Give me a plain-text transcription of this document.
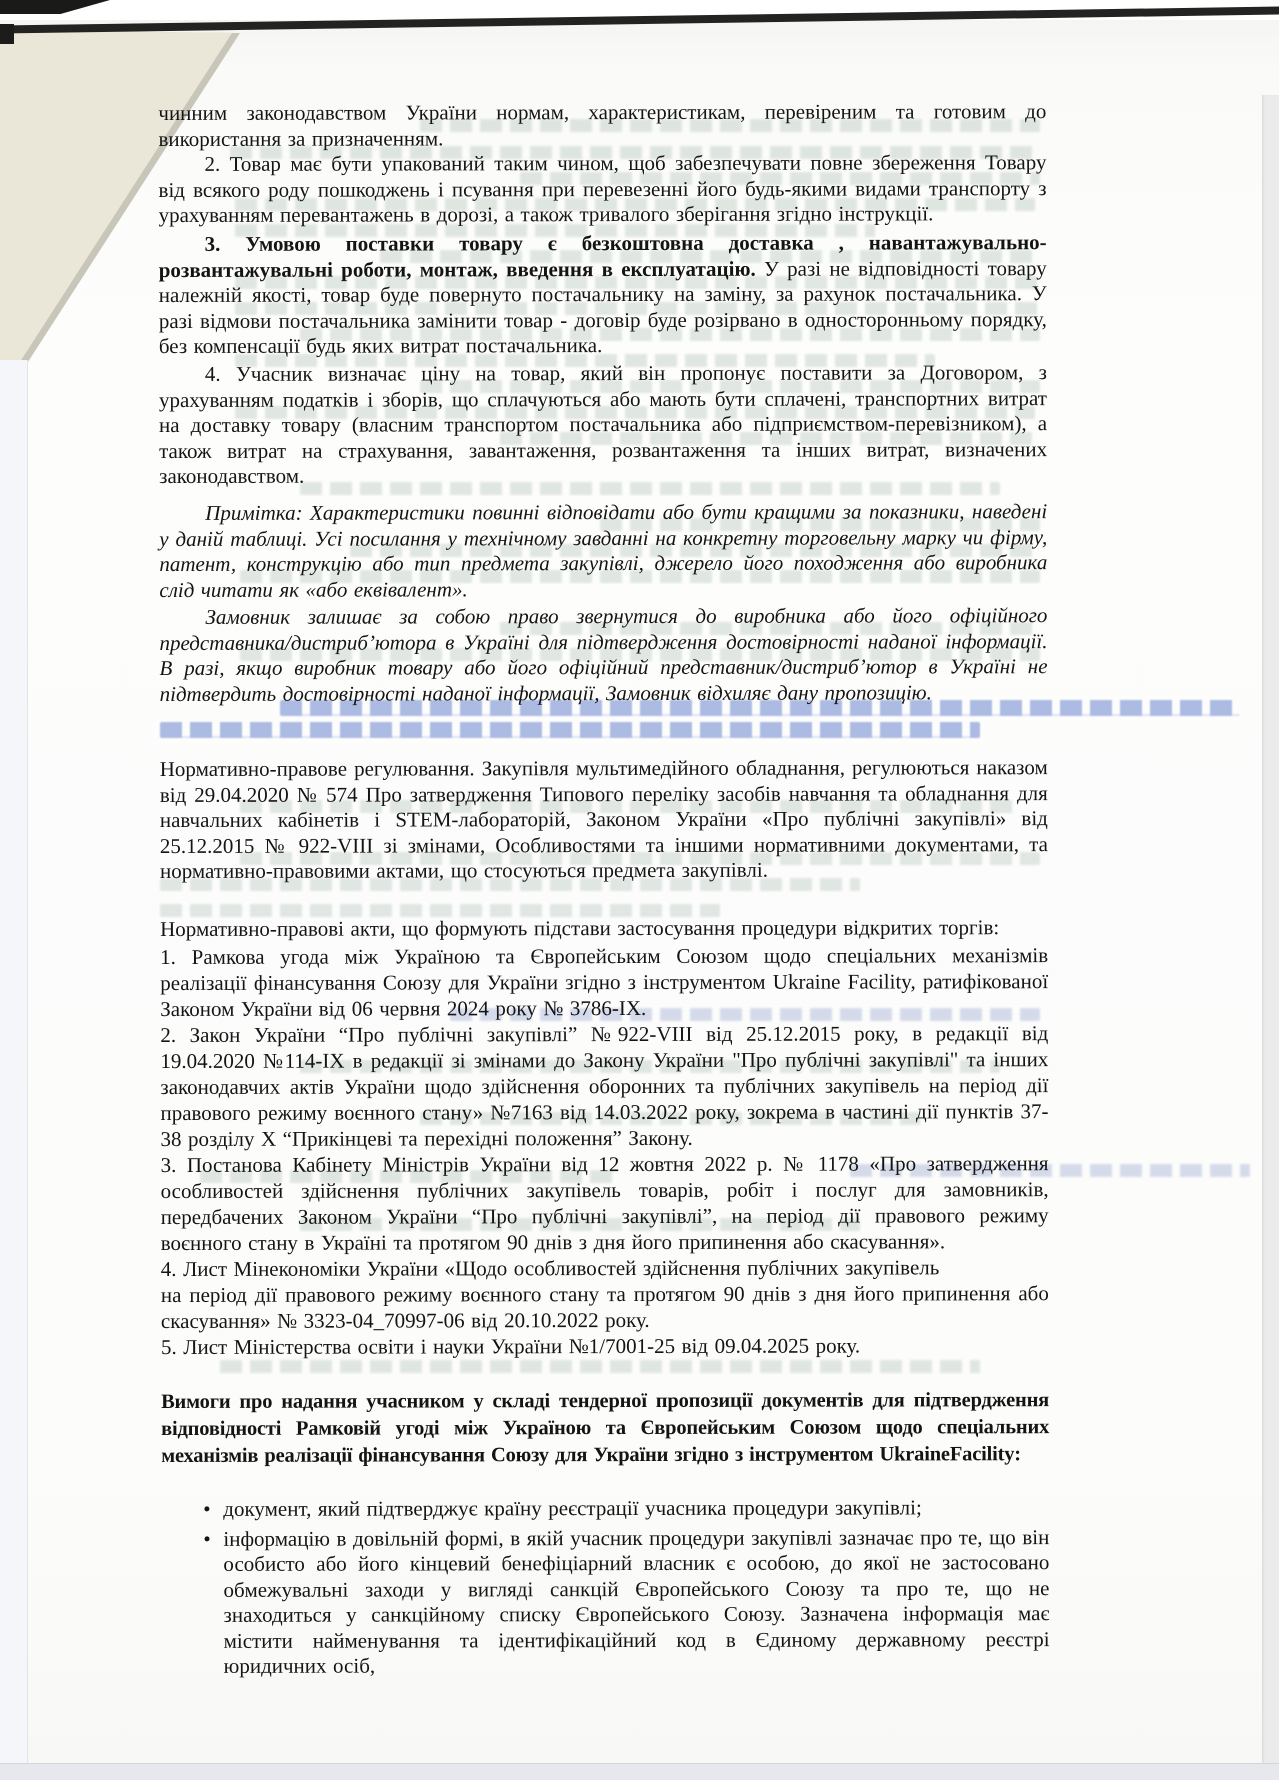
чинним законодавством України нормам, характеристикам, перевіреним та готовим до використання за призначенням.
2. Товар має бути упакований таким чином, щоб забезпечувати повне збереження Товару від всякого роду пошкоджень і псування при перевезенні його будь-якими видами транспорту з урахуванням перевантажень в дорозі, а також тривалого зберігання згідно інструкції.
3. Умовою поставки товару є безкоштовна доставка , навантажувально-розвантажувальні роботи, монтаж, введення в експлуатацію. У разі не відповідності товару належній якості, товар буде повернуто постачальнику на заміну, за рахунок постачальника. У разі відмови постачальника замінити товар - договір буде розірвано в односторонньому порядку, без компенсації будь яких витрат постачальника.
4. Учасник визначає ціну на товар, який він пропонує поставити за Договором, з урахуванням податків і зборів, що сплачуються або мають бути сплачені, транспортних витрат на доставку товару (власним транспортом постачальника або підприємством-перевізником), а також витрат на страхування, завантаження, розвантаження та інших витрат, визначених законодавством.
Примітка: Характеристики повинні відповідати або бути кращими за показники, наведені у даній таблиці. Усі посилання у технічному завданні на конкретну торговельну марку чи фірму, патент, конструкцію або тип предмета закупівлі, джерело його походження або виробника слід читати як «або еквівалент».
Замовник залишає за собою право звернутися до виробника або його офіційного представника/дистриб’ютора в Україні для підтвердження достовірності наданої інформації. В разі, якщо виробник товару або його офіційний представник/дистриб’ютор в Україні не підтвердить достовірності наданої інформації, Замовник відхиляє дану пропозицію.
Нормативно-правове регулювання. Закупівля мультимедійного обладнання, регулюються наказом від 29.04.2020 № 574 Про затвердження Типового переліку засобів навчання та обладнання для навчальних кабінетів і STEM-лабораторій, Законом України «Про публічні закупівлі» від 25.12.2015 № 922-VIII зі змінами, Особливостями та іншими нормативними документами, та нормативно-правовими актами, що стосуються предмета закупівлі.
Нормативно-правові акти, що формують підстави застосування процедури відкритих торгів:
1. Рамкова угода між Україною та Європейським Союзом щодо спеціальних механізмів реалізації фінансування Союзу для України згідно з інструментом Ukraine Facility, ратифікованої Законом України від 06 червня 2024 року № 3786-IX.
2. Закон України “Про публічні закупівлі” №922-VIII від 25.12.2015 року, в редакції від 19.04.2020 №114-IX в редакції зі змінами до Закону України "Про публічні закупівлі" та інших законодавчих актів України щодо здійснення оборонних та публічних закупівель на період дії правового режиму воєнного стану» №7163 від 14.03.2022 року, зокрема в частині дії пунктів 37-38 розділу X “Прикінцеві та перехідні положення” Закону.
3. Постанова Кабінету Міністрів України від 12 жовтня 2022 р. № 1178 «Про затвердження особливостей здійснення публічних закупівель товарів, робіт і послуг для замовників, передбачених Законом України “Про публічні закупівлі”, на період дії правового режиму воєнного стану в Україні та протягом 90 днів з дня його припинення або скасування».
4. Лист Мінекономіки України «Щодо особливостей здійснення публічних закупівель
на період дії правового режиму воєнного стану та протягом 90 днів з дня його припинення або скасування» № 3323-04_70997-06 від 20.10.2022 року.
5. Лист Міністерства освіти і науки України №1/7001-25 від 09.04.2025 року.
Вимоги про надання учасником у складі тендерної пропозиції документів для підтвердження відповідності Рамковій угоді між Україною та Європейським Союзом щодо спеціальних механізмів реалізації фінансування Союзу для України згідно з інструментом UkraineFacility:
• документ, який підтверджує країну реєстрації учасника процедури закупівлі;
• інформацію в довільній формі, в якій учасник процедури закупівлі зазначає про те, що він особисто або його кінцевий бенефіціарний власник є особою, до якої не застосовано обмежувальні заходи у вигляді санкцій Європейського Союзу та про те, що не знаходиться у санкційному списку Європейського Союзу. Зазначена інформація має містити найменування та ідентифікаційний код в Єдиному державному реєстрі юридичних осіб,
